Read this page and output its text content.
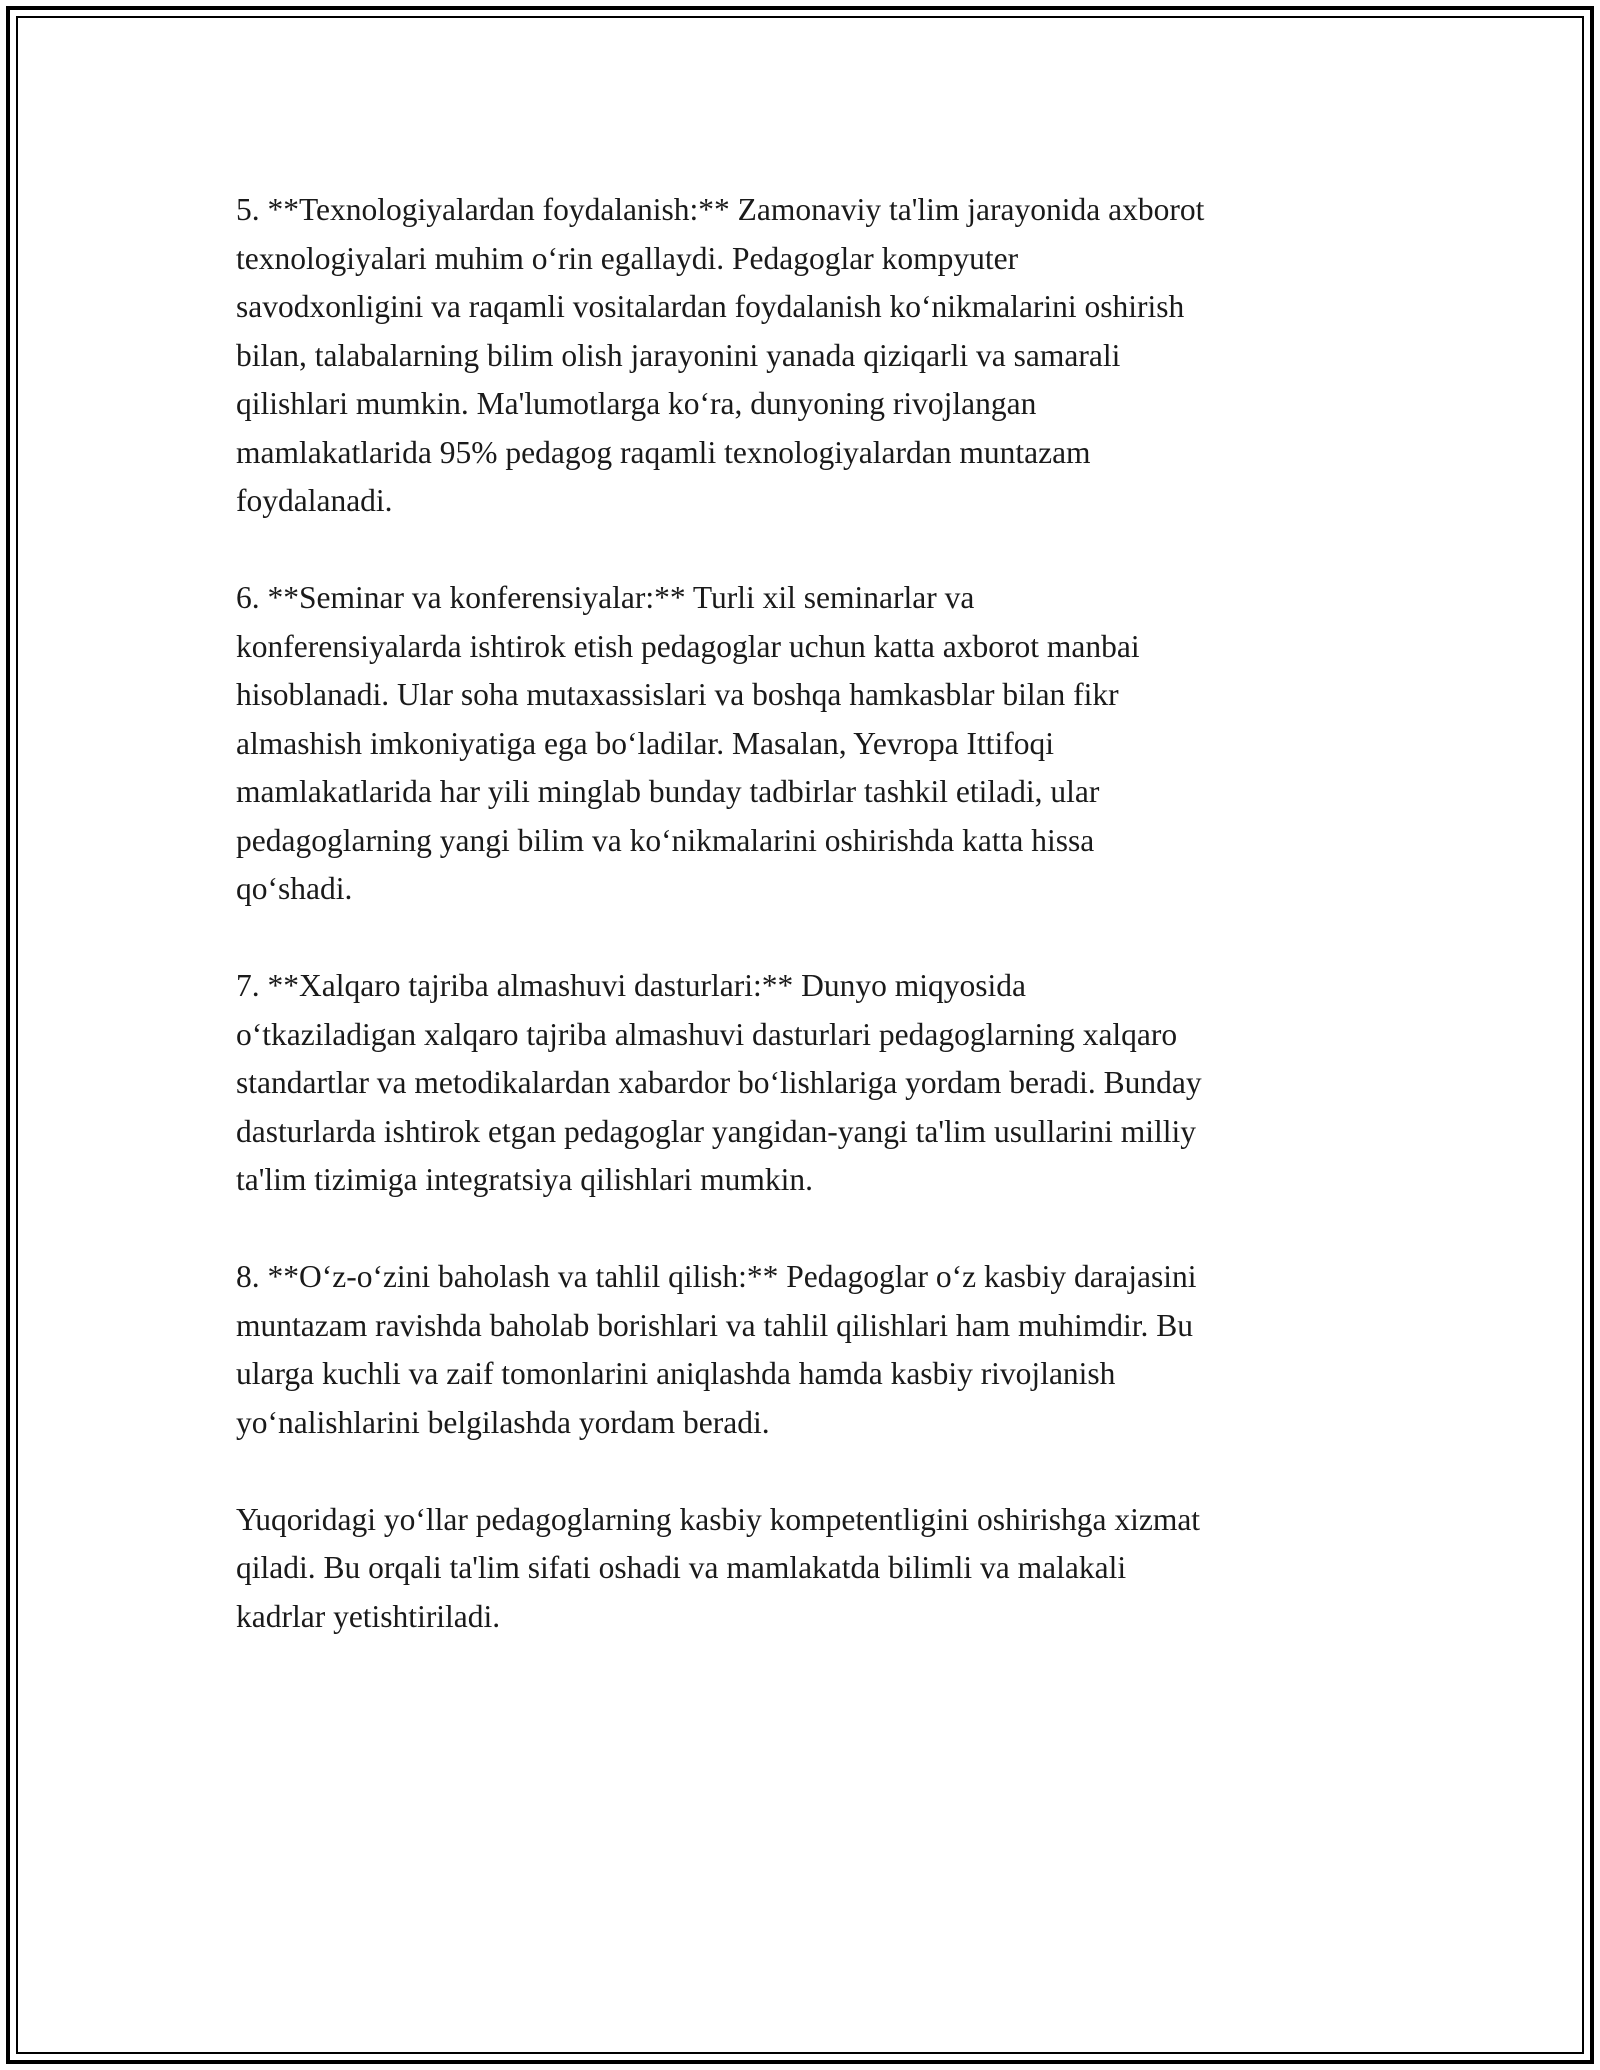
5. **Texnologiyalardan foydalanish:** Zamonaviy ta'lim jarayonida axborot
texnologiyalari muhim o‘rin egallaydi. Pedagoglar kompyuter
savodxonligini va raqamli vositalardan foydalanish ko‘nikmalarini oshirish
bilan, talabalarning bilim olish jarayonini yanada qiziqarli va samarali
qilishlari mumkin. Ma'lumotlarga ko‘ra, dunyoning rivojlangan
mamlakatlarida 95% pedagog raqamli texnologiyalardan muntazam
foydalanadi.

6. **Seminar va konferensiyalar:** Turli xil seminarlar va
konferensiyalarda ishtirok etish pedagoglar uchun katta axborot manbai
hisoblanadi. Ular soha mutaxassislari va boshqa hamkasblar bilan fikr
almashish imkoniyatiga ega bo‘ladilar. Masalan, Yevropa Ittifoqi
mamlakatlarida har yili minglab bunday tadbirlar tashkil etiladi, ular
pedagoglarning yangi bilim va ko‘nikmalarini oshirishda katta hissa
qo‘shadi.

7. **Xalqaro tajriba almashuvi dasturlari:** Dunyo miqyosida
o‘tkaziladigan xalqaro tajriba almashuvi dasturlari pedagoglarning xalqaro
standartlar va metodikalardan xabardor bo‘lishlariga yordam beradi. Bunday
dasturlarda ishtirok etgan pedagoglar yangidan-yangi ta'lim usullarini milliy
ta'lim tizimiga integratsiya qilishlari mumkin.

8. **O‘z-o‘zini baholash va tahlil qilish:** Pedagoglar o‘z kasbiy darajasini
muntazam ravishda baholab borishlari va tahlil qilishlari ham muhimdir. Bu
ularga kuchli va zaif tomonlarini aniqlashda hamda kasbiy rivojlanish
yo‘nalishlarini belgilashda yordam beradi.

Yuqoridagi yo‘llar pedagoglarning kasbiy kompetentligini oshirishga xizmat
qiladi. Bu orqali ta'lim sifati oshadi va mamlakatda bilimli va malakali
kadrlar yetishtiriladi.
